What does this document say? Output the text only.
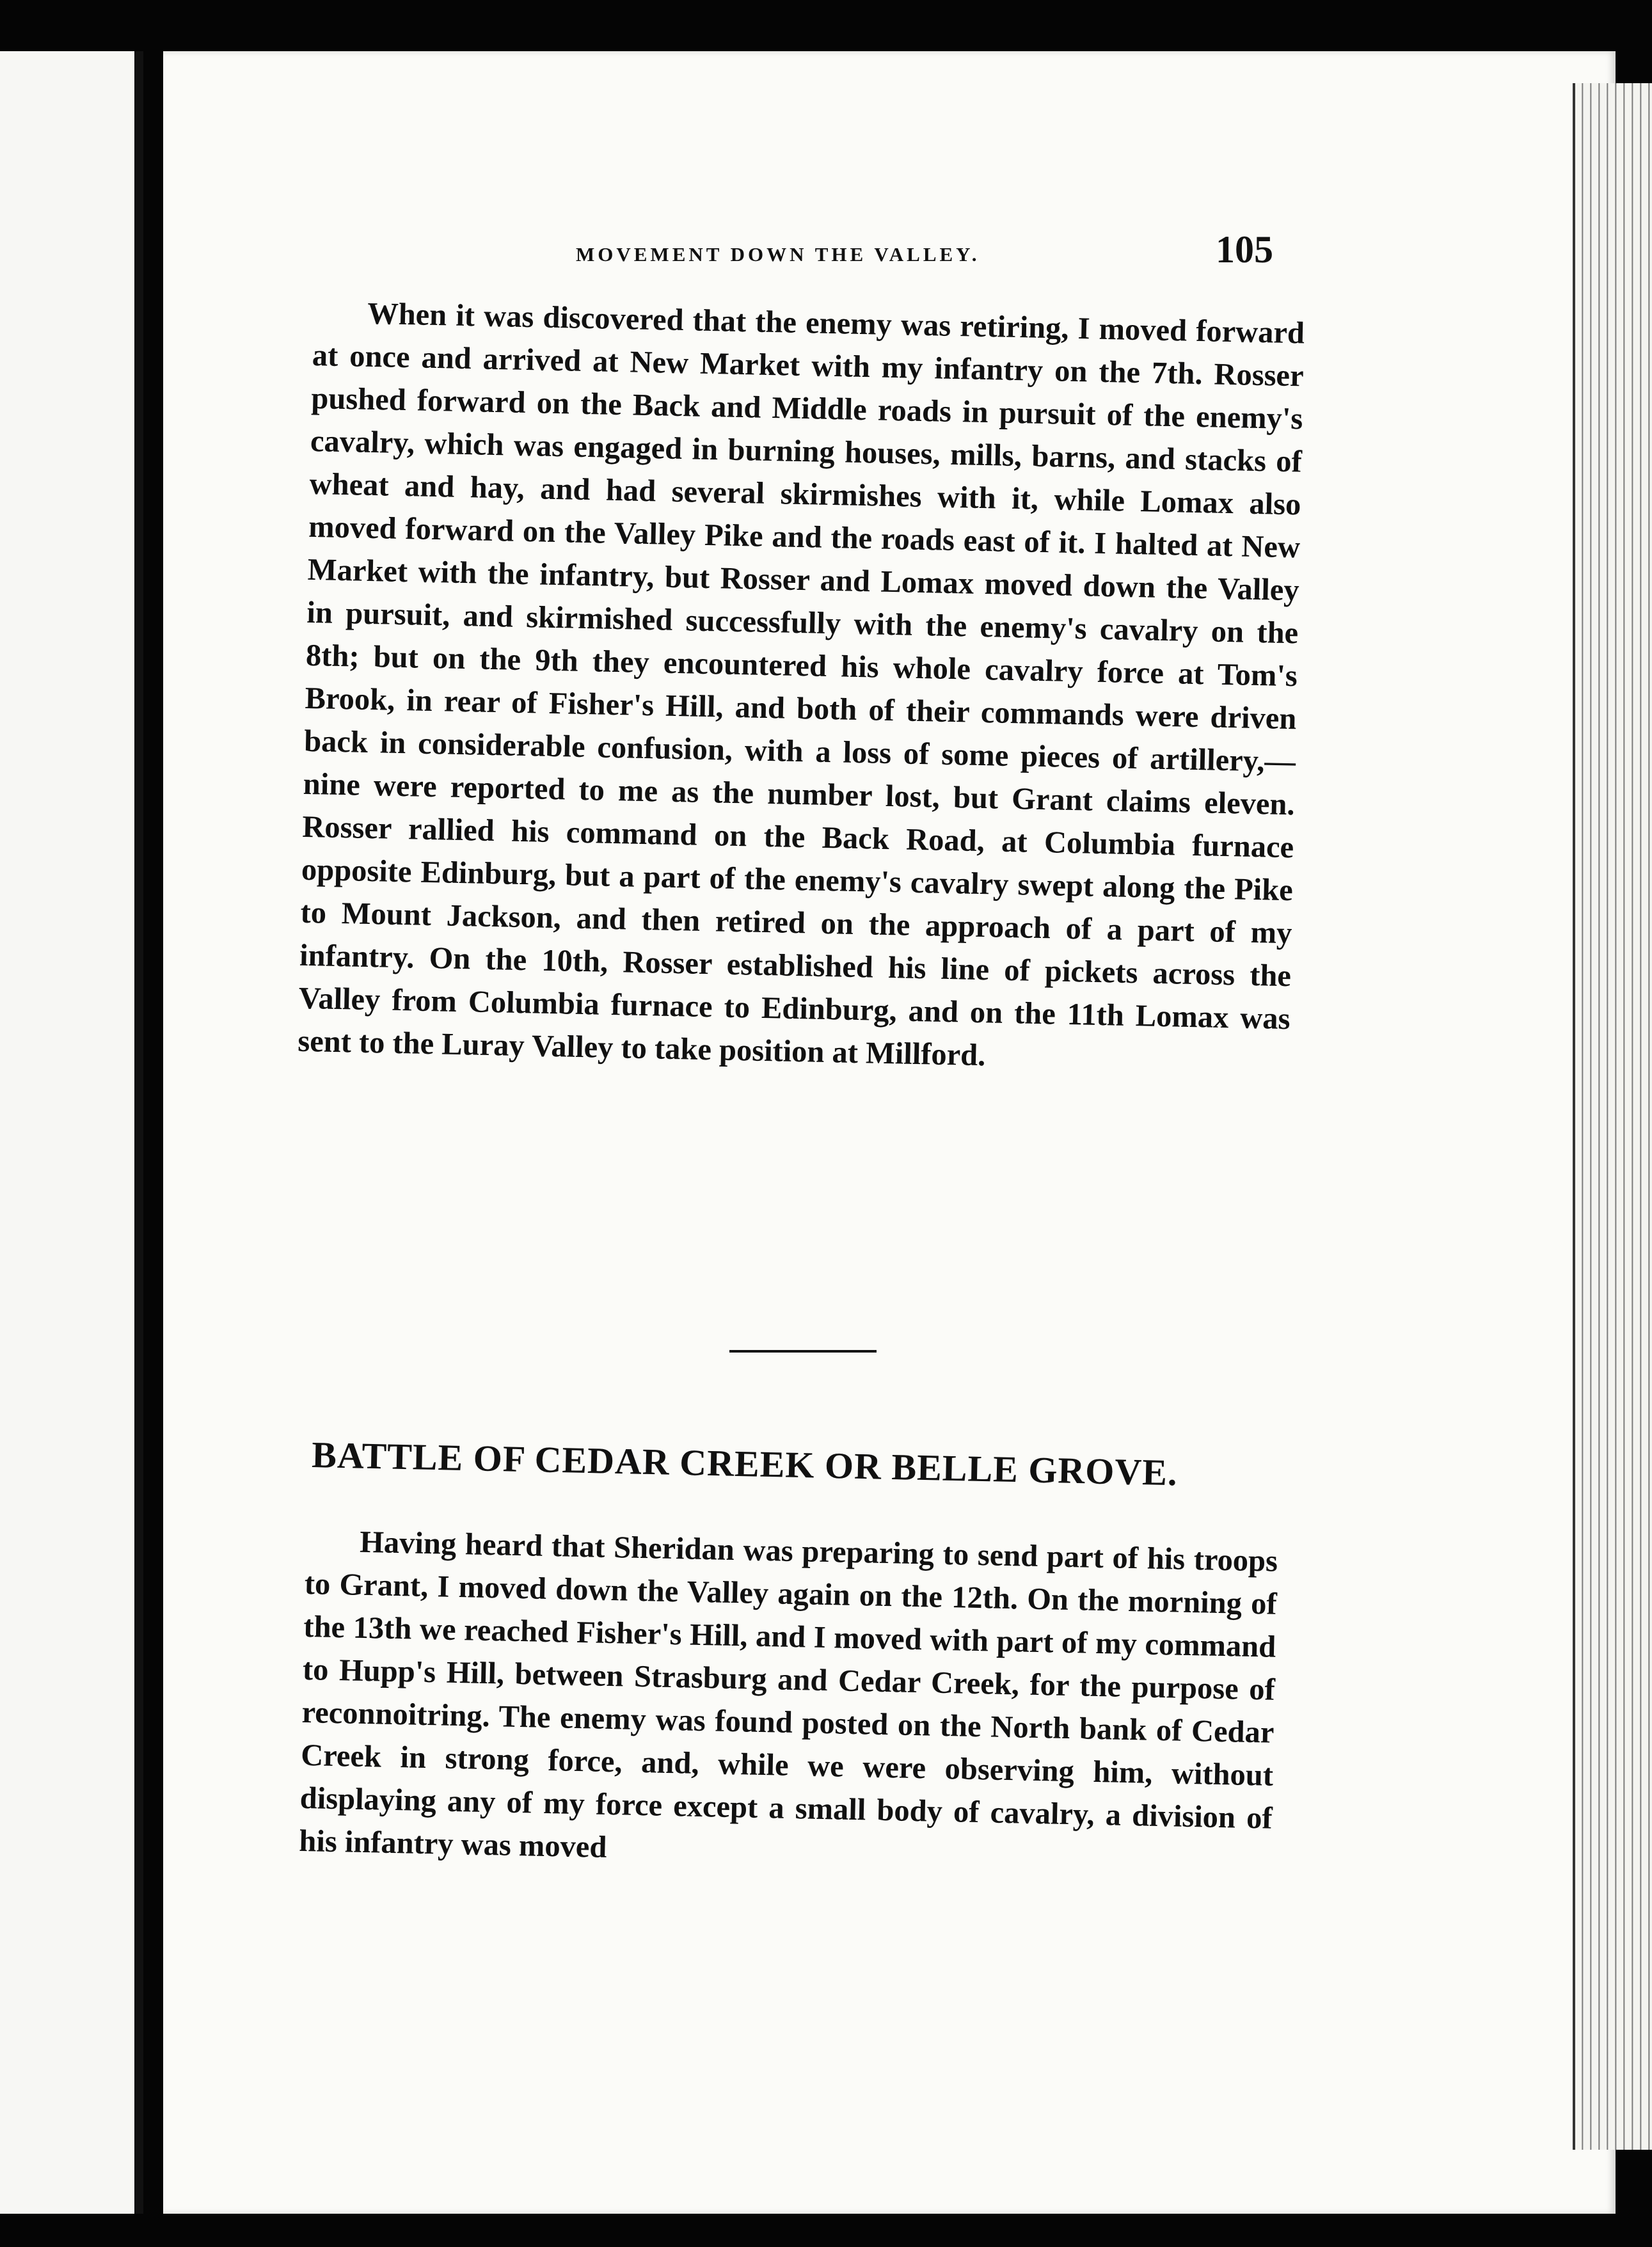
MOVEMENT DOWN THE VALLEY.	105

When it was discovered that the enemy was retiring, I moved forward at once and arrived at New Market with my infantry on the 7th. Rosser pushed forward on the Back and Middle roads in pursuit of the enemy's cavalry, which was engaged in burning houses, mills, barns, and stacks of wheat and hay, and had several skirmishes with it, while Lomax also moved forward on the Valley Pike and the roads east of it. I halted at New Market with the infantry, but Rosser and Lomax moved down the Valley in pursuit, and skirmished successfully with the enemy's cavalry on the 8th; but on the 9th they encountered his whole cavalry force at Tom's Brook, in rear of Fisher's Hill, and both of their commands were driven back in considerable confusion, with a loss of some pieces of artillery,—nine were reported to me as the number lost, but Grant claims eleven. Rosser rallied his command on the Back Road, at Columbia furnace opposite Edinburg, but a part of the enemy's cavalry swept along the Pike to Mount Jackson, and then retired on the approach of a part of my infantry. On the 10th, Rosser established his line of pickets across the Valley from Columbia furnace to Edinburg, and on the 11th Lomax was sent to the Luray Valley to take position at Millford.

BATTLE OF CEDAR CREEK OR BELLE GROVE.

Having heard that Sheridan was preparing to send part of his troops to Grant, I moved down the Valley again on the 12th. On the morning of the 13th we reached Fisher's Hill, and I moved with part of my command to Hupp's Hill, between Strasburg and Cedar Creek, for the purpose of reconnoitring. The enemy was found posted on the North bank of Cedar Creek in strong force, and, while we were observing him, without displaying any of my force except a small body of cavalry, a division of his infantry was moved
